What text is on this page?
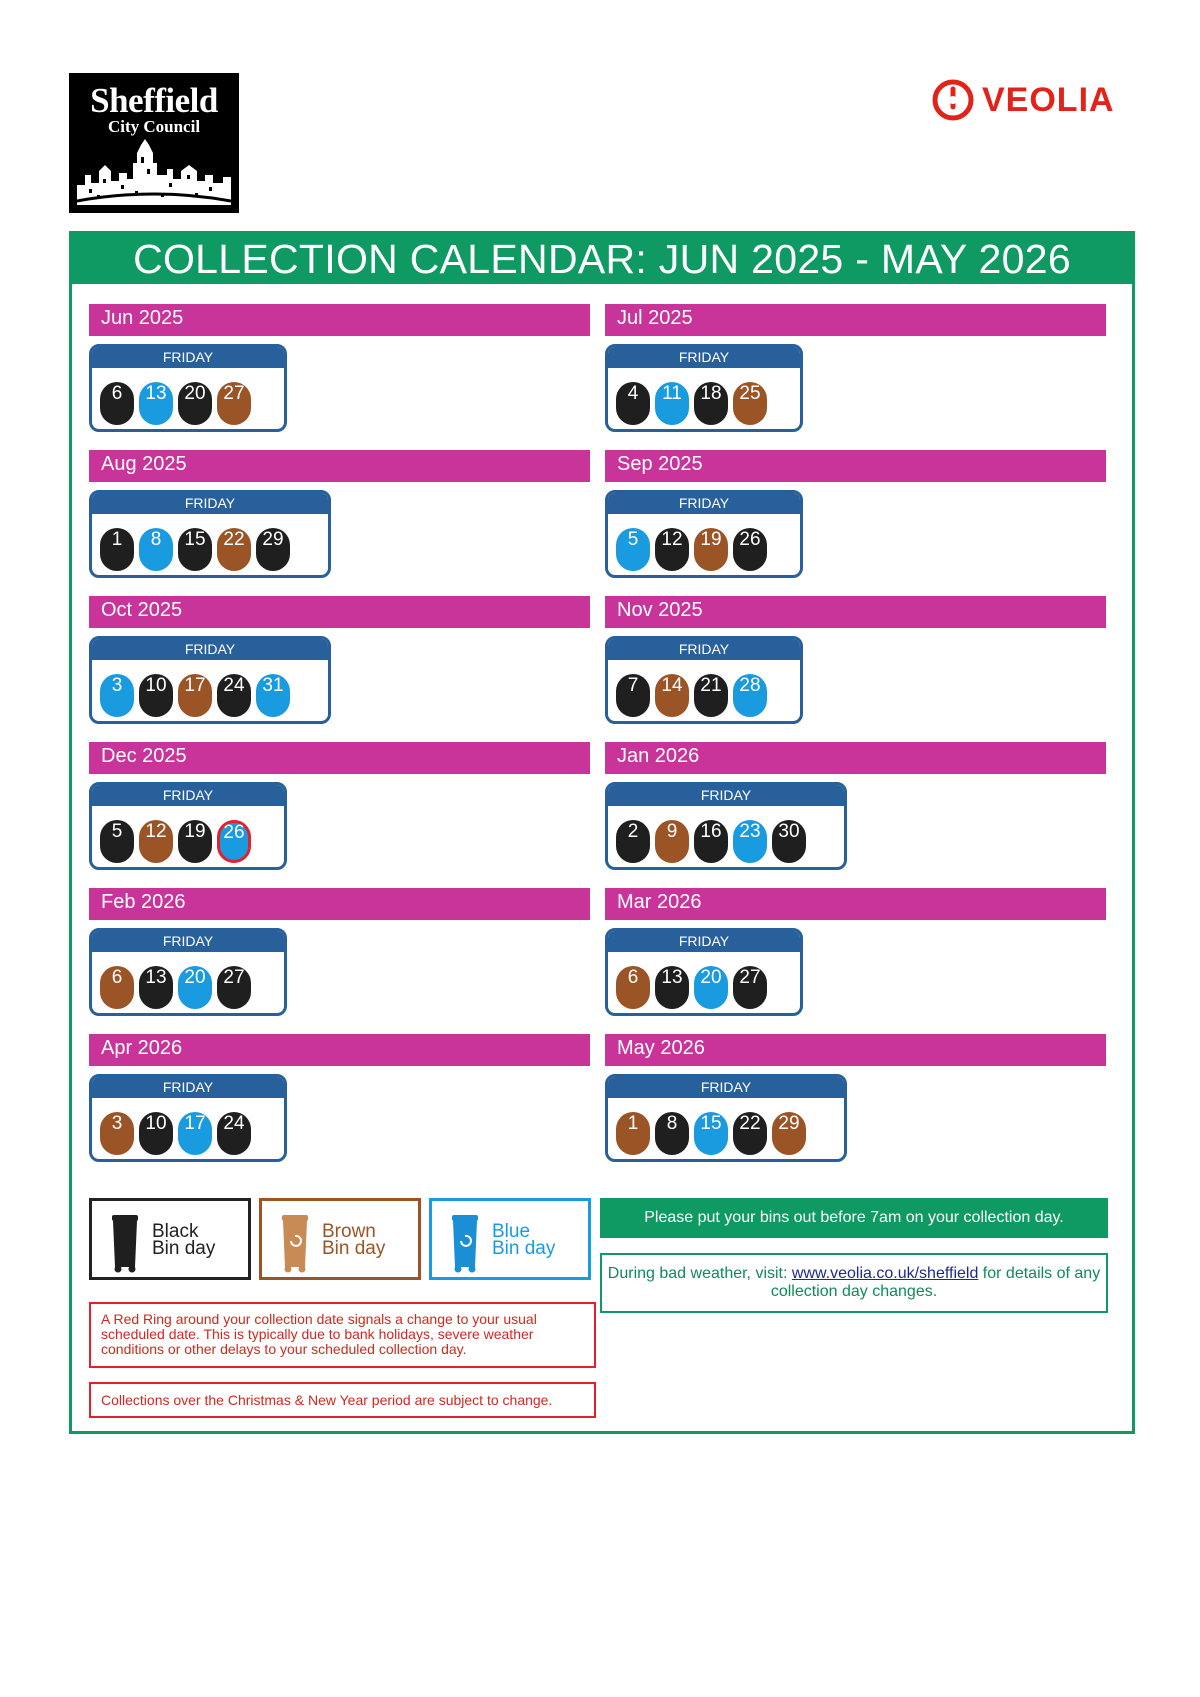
Sheffield
City Council
VEOLIA
COLLECTION CALENDAR: JUN 2025 - MAY 2026
Jun 2025
FRIDAY
6	13 20 27
Jul 2025
FRIDAY
4	11 18 25
Aug 2025
FRIDAY
1	8	15 22 29
Sep 2025
FRIDAY
5	12 19 26
Oct 2025
FRIDAY
3	10 17 24 31
Nov 2025
FRIDAY
7	14 21 28
Dec 2025
FRIDAY
5	12 19 26
Jan 2026
FRIDAY
2	9	16 23 30
Feb 2026
FRIDAY
6	13 20 27
Mar 2026
FRIDAY
6	13 20 27
Apr 2026
FRIDAY
3	10 17 24
May 2026
FRIDAY
1	8	15 22 29
Black
Bin day
Brown
Bin day
Blue
Bin day
A Red Ring around your collection date signals a change to your usual scheduled date. This is typically due to bank holidays, severe weather conditions or other delays to your scheduled collection day.
Collections over the Christmas & New Year period are subject to change.
Please put your bins out before 7am on your collection day.
During bad weather, visit: www.veolia.co.uk/sheffield for details of any collection day changes.
